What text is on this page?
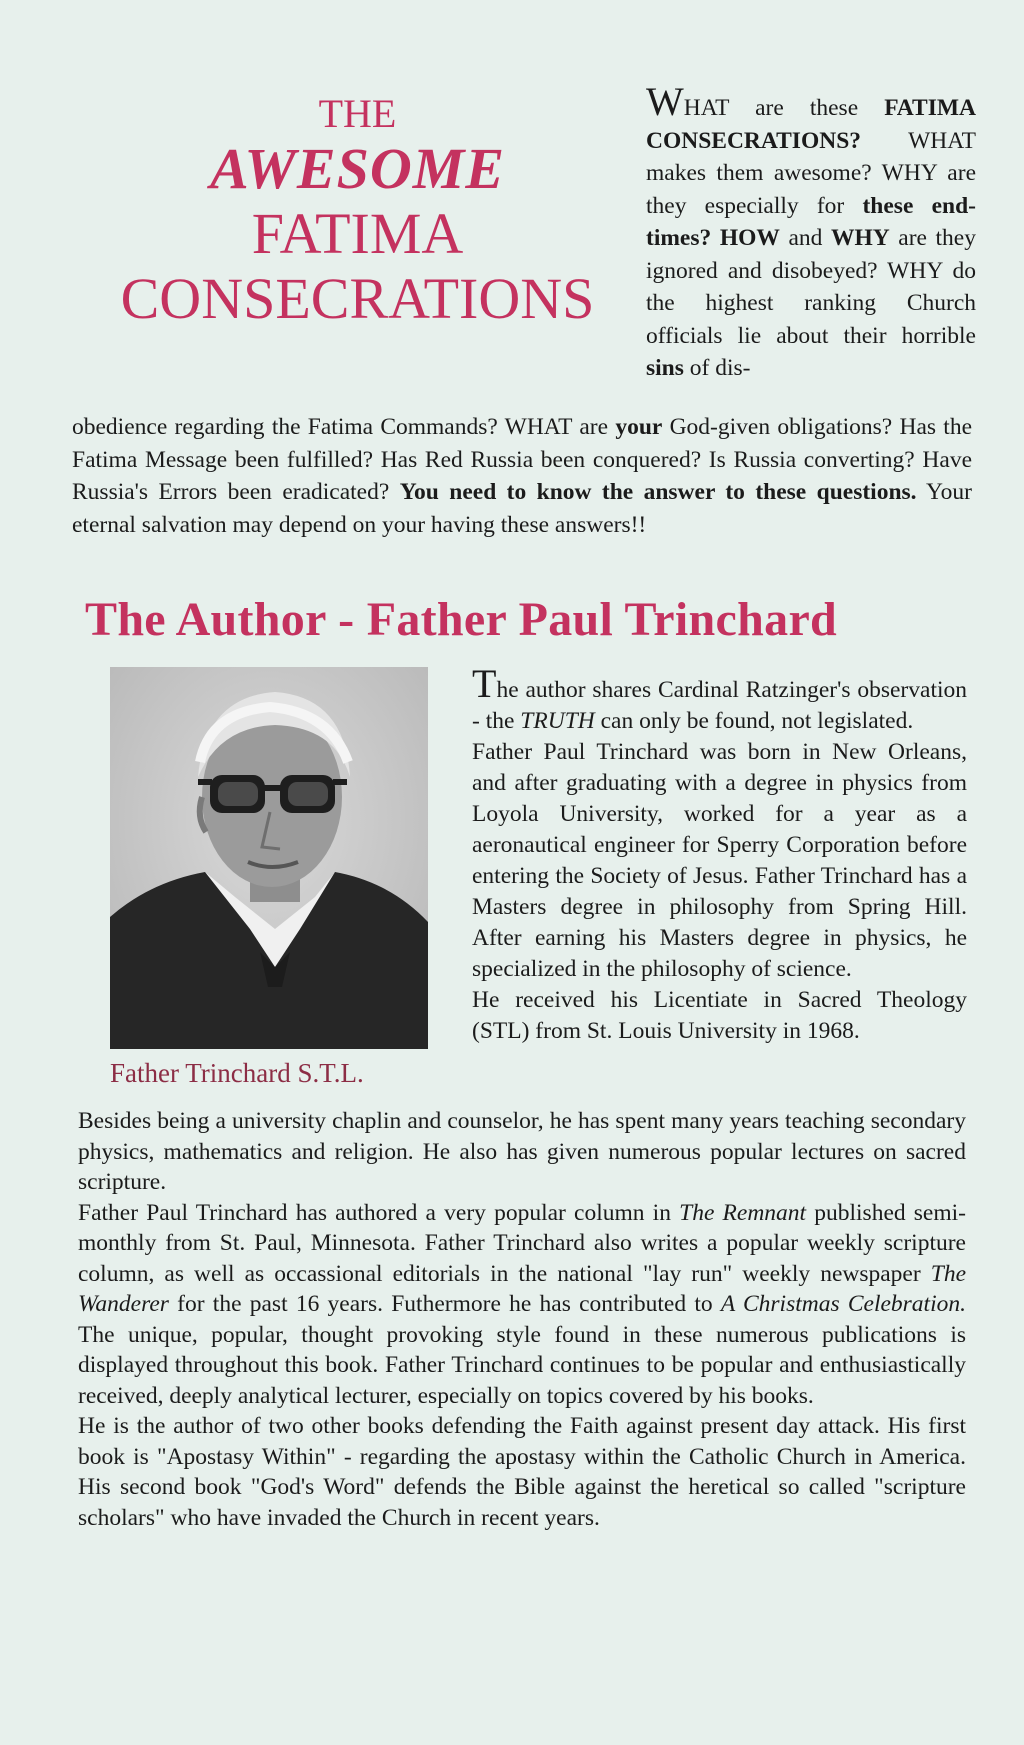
THE
AWESOME
FATIMA
CONSECRATIONS
WHAT are these FATIMA CONSECRATIONS? WHAT makes them awesome? WHY are they especially for these end-times? HOW and WHY are they ignored and disobeyed? WHY do the highest ranking Church officials lie about their horrible sins of dis-
obedience regarding the Fatima Commands? WHAT are your God-given obligations? Has the Fatima Message been fulfilled? Has Red Russia been conquered? Is Russia converting? Have Russia's Errors been eradicated? You need to know the answer to these questions. Your eternal salvation may depend on your having these answers!!
The Author - Father Paul Trinchard
Father Trinchard S.T.L.

The author shares Cardinal Ratzinger's observation - the TRUTH can only be found, not legislated.

Father Paul Trinchard was born in New Orleans, and after graduating with a degree in physics from Loyola University, worked for a year as a aeronautical engineer for Sperry Corporation before entering the Society of Jesus. Father Trinchard has a Masters degree in philosophy from Spring Hill. After earning his Masters degree in physics, he specialized in the philosophy of science.

He received his Licentiate in Sacred Theology (STL) from St. Louis University in 1968.

Besides being a university chaplin and counselor, he has spent many years teaching secondary physics, mathematics and religion. He also has given numerous popular lectures on sacred scripture.

Father Paul Trinchard has authored a very popular column in The Remnant published semi-monthly from St. Paul, Minnesota. Father Trinchard also writes a popular weekly scripture column, as well as occassional editorials in the national "lay run" weekly newspaper The Wanderer for the past 16 years. Futhermore he has contributed to A Christmas Celebration. The unique, popular, thought provoking style found in these numerous publications is displayed throughout this book. Father Trinchard continues to be popular and enthusiastically received, deeply analytical lecturer, especially on topics covered by his books.

He is the author of two other books defending the Faith against present day attack. His first book is "Apostasy Within" - regarding the apostasy within the Catholic Church in America. His second book "God's Word" defends the Bible against the heretical so called "scripture scholars" who have invaded the Church in recent years.
